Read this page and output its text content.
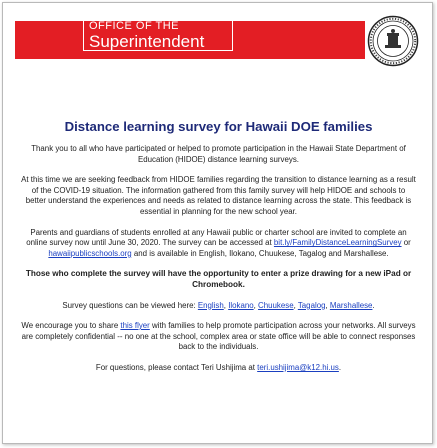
OFFICE OF THE
Superintendent
Distance learning survey for Hawaii DOE families

Thank you to all who have participated or helped to promote participation in the Hawaii State Department of Education (HIDOE) distance learning surveys.

At this time we are seeking feedback from HIDOE families regarding the transition to distance learning as a result of the COVID-19 situation. The information gathered from this family survey will help HIDOE and schools to better understand the experiences and needs as related to distance learning across the state. This feedback is essential in planning for the new school year.

Parents and guardians of students enrolled at any Hawaii public or charter school are invited to complete an online survey now until June 30, 2020. The survey can be accessed at bit.ly/FamilyDistanceLearningSurvey or hawaiipublicschools.org and is available in English, Ilokano, Chuukese, Tagalog and Marshallese.

Those who complete the survey will have the opportunity to enter a prize drawing for a new iPad or Chromebook.

Survey questions can be viewed here: English, Ilokano, Chuukese, Tagalog, Marshallese.

We encourage you to share this flyer with families to help promote participation across your networks. All surveys are completely confidential -- no one at the school, complex area or state office will be able to connect responses back to the individuals.

For questions, please contact Teri Ushijima at teri.ushijima@k12.hi.us.
